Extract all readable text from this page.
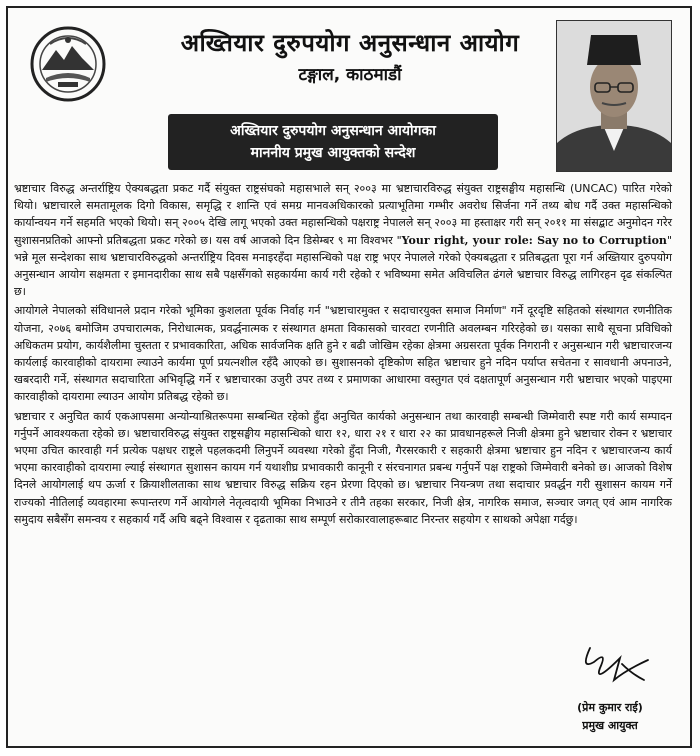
अख्तियार दुरुपयोग अनुसन्धान आयोग
टङ्गाल, काठमाडौं
अख्तियार दुरुपयोग अनुसन्धान आयोगका
माननीय प्रमुख आयुक्तको सन्देश

भ्रष्टाचार विरुद्ध अन्तर्राष्ट्रिय ऐक्यबद्धता प्रकट गर्दै संयुक्त राष्ट्रसंघको महासभाले सन् २००३ मा भ्रष्टाचारविरुद्ध संयुक्त राष्ट्रसङ्घीय महासन्धि (UNCAC) पारित गरेको थियो। भ्रष्टाचारले समतामूलक दिगो विकास, समृद्धि र शान्ति एवं समग्र मानवअधिकारको प्रत्याभूतिमा गम्भीर अवरोध सिर्जना गर्ने तथ्य बोध गर्दै उक्त महासन्धिको कार्यान्वयन गर्ने सहमति भएको थियो। सन् २००५ देखि लागू भएको उक्त महासन्धिको पक्षराष्ट्र नेपालले सन् २००३ मा हस्ताक्षर गरी सन् २०११ मा संसद्बाट अनुमोदन गरेर सुशासनप्रतिको आफ्नो प्रतिबद्धता प्रकट गरेको छ। यस वर्ष आजको दिन डिसेम्बर ९ मा विश्वभर "Your right, your role: Say no to Corruption" भन्ने मूल सन्देशका साथ भ्रष्टाचारविरुद्धको अन्तर्राष्ट्रिय दिवस मनाइरहँदा महासन्धिको पक्ष राष्ट्र भएर नेपालले गरेको ऐक्यबद्धता र प्रतिबद्धता पूरा गर्न अख्तियार दुरुपयोग अनुसन्धान आयोग सक्षमता र इमानदारीका साथ सबै पक्षसँगको सहकार्यमा कार्य गरी रहेको र भविष्यमा समेत अविचलित ढंगले भ्रष्टाचार विरुद्ध लागिरहन दृढ संकल्पित छ।

आयोगले नेपालको संविधानले प्रदान गरेको भूमिका कुशलता पूर्वक निर्वाह गर्न "भ्रष्टाचारमुक्त र सदाचारयुक्त समाज निर्माण" गर्ने दूरदृष्टि सहितको संस्थागत रणनीतिक योजना, २०७६ बमोजिम उपचारात्मक, निरोधात्मक, प्रवर्द्धनात्मक र संस्थागत क्षमता विकासको चारवटा रणनीति अवलम्बन गरिरहेको छ। यसका साथै सूचना प्रविधिको अधिकतम प्रयोग, कार्यशैलीमा चुस्तता र प्रभावकारिता, अधिक सार्वजनिक क्षति हुने र बढी जोखिम रहेका क्षेत्रमा अग्रसरता पूर्वक निगरानी र अनुसन्धान गरी भ्रष्टाचारजन्य कार्यलाई कारवाहीको दायरामा ल्याउने कार्यमा पूर्ण प्रयत्नशील रहँदै आएको छ। सुशासनको दृष्टिकोण सहित भ्रष्टाचार हुने नदिन पर्याप्त सचेतना र सावधानी अपनाउने, खबरदारी गर्ने, संस्थागत सदाचारिता अभिवृद्धि गर्ने र भ्रष्टाचारका उजुरी उपर तथ्य र प्रमाणका आधारमा वस्तुगत एवं दक्षतापूर्ण अनुसन्धान गरी भ्रष्टाचार भएको पाइएमा कारवाहीको दायरामा ल्याउन आयोग प्रतिबद्ध रहेको छ।

भ्रष्टाचार र अनुचित कार्य एकआपसमा अन्योन्याश्रितरूपमा सम्बन्धित रहेको हुँदा अनुचित कार्यको अनुसन्धान तथा कारवाही सम्बन्धी जिम्मेवारी स्पष्ट गरी कार्य सम्पादन गर्नुपर्ने आवश्यकता रहेको छ। भ्रष्टाचारविरुद्ध संयुक्त राष्ट्रसङ्घीय महासन्धिको धारा १२, धारा २१ र धारा २२ का प्रावधानहरूले निजी क्षेत्रमा हुने भ्रष्टाचार रोक्न र भ्रष्टाचार भएमा उचित कारवाही गर्न प्रत्येक पक्षधर राष्ट्रले पहलकदमी लिनुपर्ने व्यवस्था गरेको हुँदा निजी, गैरसरकारी र सहकारी क्षेत्रमा भ्रष्टाचार हुन नदिन र भ्रष्टाचारजन्य कार्य भएमा कारवाहीको दायरामा ल्याई संस्थागत सुशासन कायम गर्न यथाशीघ्र प्रभावकारी कानूनी र संरचनागत प्रबन्ध गर्नुपर्ने पक्ष राष्ट्रको जिम्मेवारी बनेको छ। आजको विशेष दिनले आयोगलाई थप ऊर्जा र क्रियाशीलताका साथ भ्रष्टाचार विरुद्ध सक्रिय रहन प्रेरणा दिएको छ। भ्रष्टाचार नियन्त्रण तथा सदाचार प्रवर्द्धन गरी सुशासन कायम गर्ने राज्यको नीतिलाई व्यवहारमा रूपान्तरण गर्ने आयोगले नेतृत्वदायी भूमिका निभाउने र तीनै तहका सरकार, निजी क्षेत्र, नागरिक समाज, सञ्चार जगत् एवं आम नागरिक समुदाय सबैसँग समन्वय र सहकार्य गर्दै अघि बढ्ने विश्वास र दृढताका साथ सम्पूर्ण सरोकारवालाहरूबाट निरन्तर सहयोग र साथको अपेक्षा गर्दछु।

(प्रेम कुमार राई)
प्रमुख आयुक्त
